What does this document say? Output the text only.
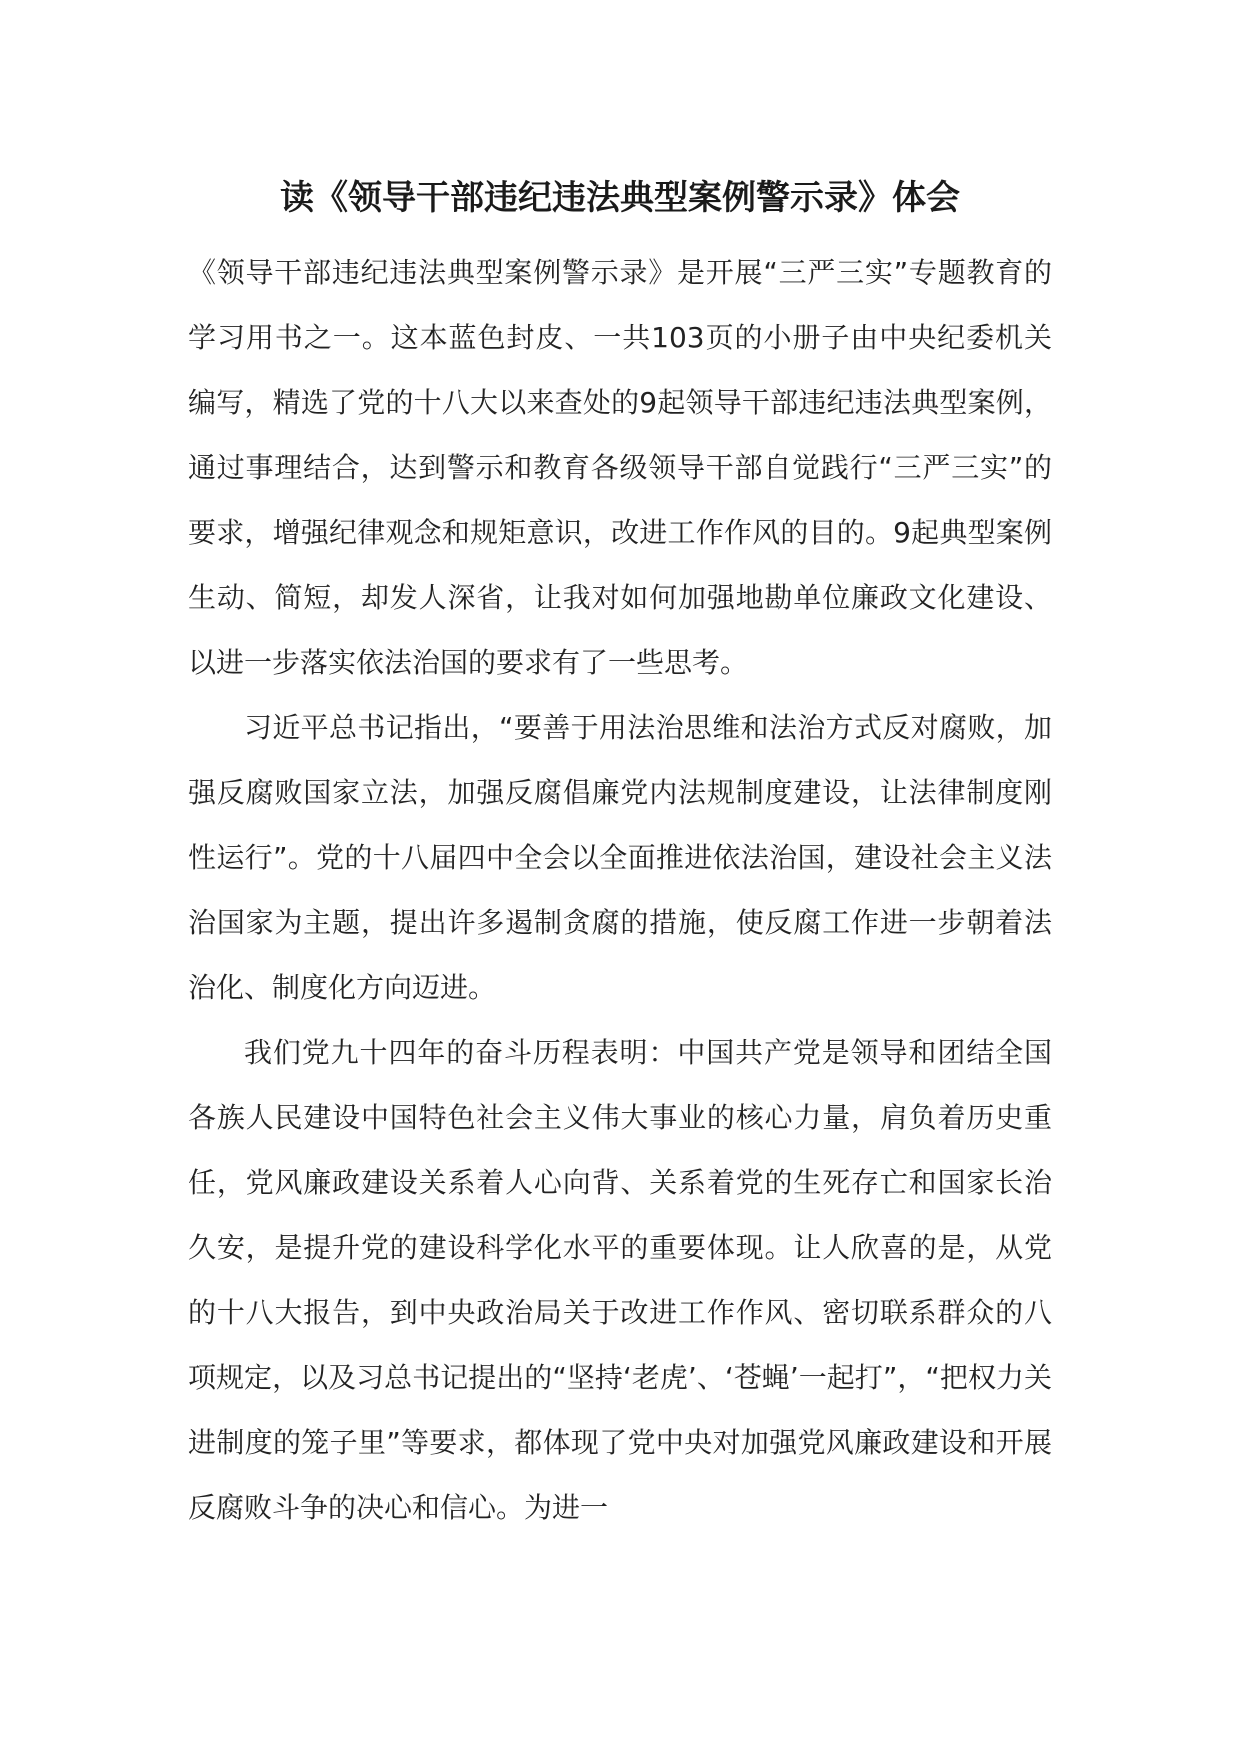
读《领导干部违纪违法典型案例警示录》体会

《领导干部违纪违法典型案例警示录》是开展“三严三实”专题教育的学习用书之一。这本蓝色封皮、一共103页的小册子由中央纪委机关编写，精选了党的十八大以来查处的9起领导干部违纪违法典型案例，通过事理结合，达到警示和教育各级领导干部自觉践行“三严三实”的要求，增强纪律观念和规矩意识，改进工作作风的目的。9起典型案例生动、简短，却发人深省，让我对如何加强地勘单位廉政文化建设、以进一步落实依法治国的要求有了一些思考。

习近平总书记指出，“要善于用法治思维和法治方式反对腐败，加强反腐败国家立法，加强反腐倡廉党内法规制度建设，让法律制度刚性运行”。党的十八届四中全会以全面推进依法治国，建设社会主义法治国家为主题，提出许多遏制贪腐的措施，使反腐工作进一步朝着法治化、制度化方向迈进。

我们党九十四年的奋斗历程表明：中国共产党是领导和团结全国各族人民建设中国特色社会主义伟大事业的核心力量，肩负着历史重任，党风廉政建设关系着人心向背、关系着党的生死存亡和国家长治久安，是提升党的建设科学化水平的重要体现。让人欣喜的是，从党的十八大报告，到中央政治局关于改进工作作风、密切联系群众的八项规定，以及习总书记提出的“坚持‘老虎’、‘苍蝇’一起打”，“把权力关进制度的笼子里”等要求，都体现了党中央对加强党风廉政建设和开展反腐败斗争的决心和信心。为进一
